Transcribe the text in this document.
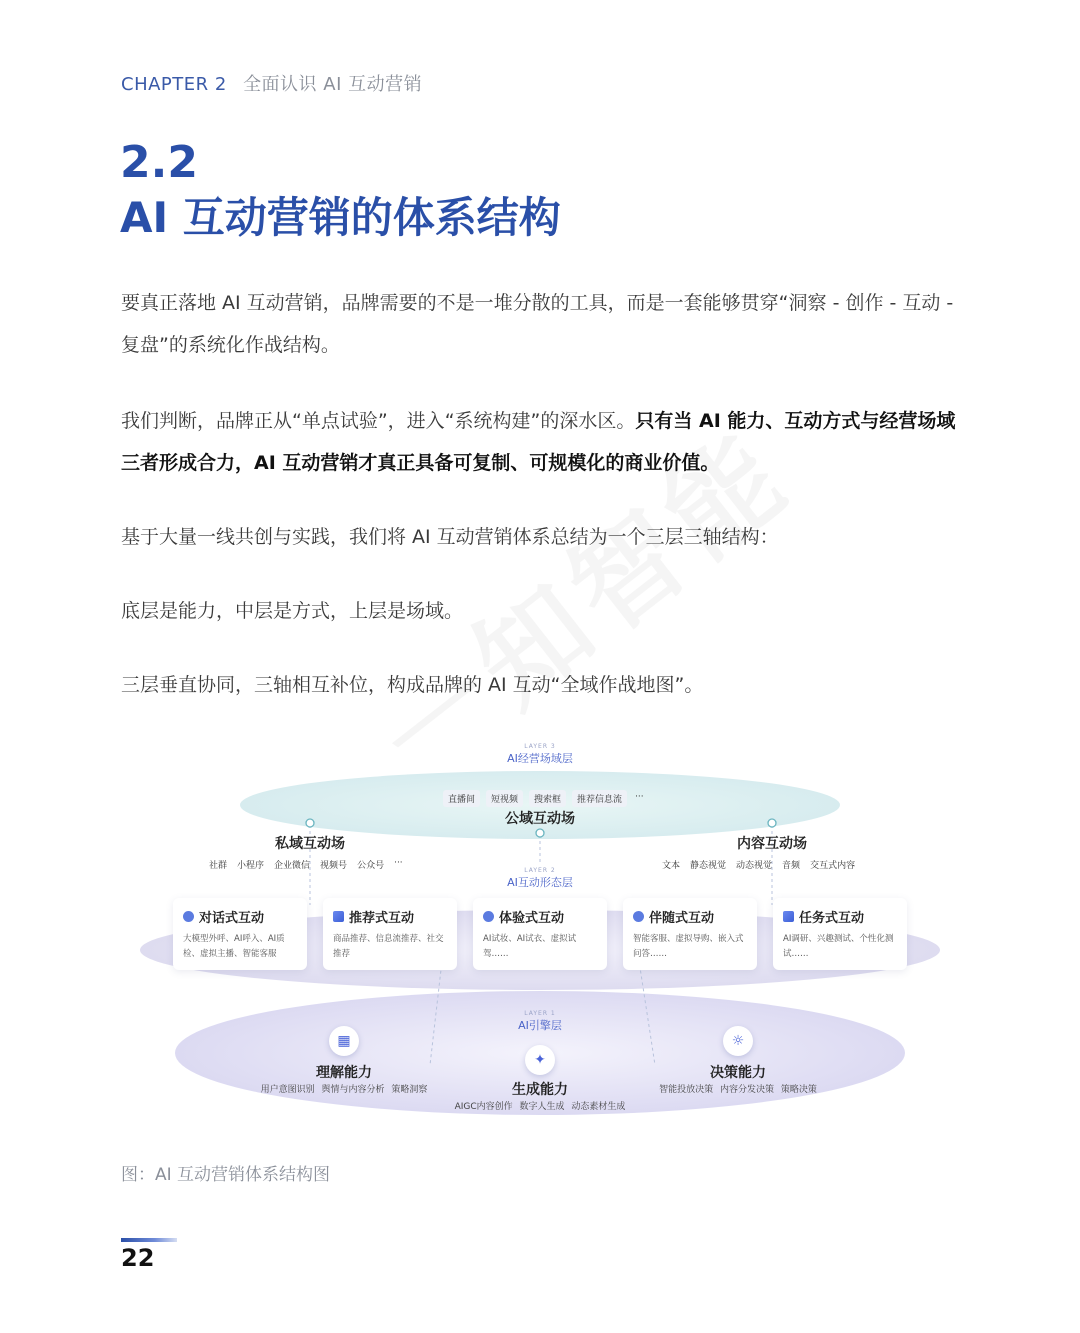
CHAPTER 2 全面认识 AI 互动营销
2.2
AI 互动营销的体系结构
要真正落地 AI 互动营销，品牌需要的不是一堆分散的工具，而是一套能够贯穿“洞察 - 创作 - 互动 - 复盘”的系统化作战结构。
我们判断，品牌正从“单点试验”，进入“系统构建”的深水区。只有当 AI 能力、互动方式与经营场域三者形成合力，AI 互动营销才真正具备可复制、可规模化的商业价值。
基于大量一线共创与实践，我们将 AI 互动营销体系总结为一个三层三轴结构：
底层是能力，中层是方式，上层是场域。
三层垂直协同，三轴相互补位，构成品牌的 AI 互动“全域作战地图”。
LAYER 3
AI经营场域层
直播间	短视频	搜索框	推荐信息流	···
公域互动场
私域互动场
社群 小程序 企业微信 视频号 公众号 ···
内容互动场
文本 静态视觉 动态视觉 音频 交互式内容
LAYER 2
AI互动形态层
对话式互动
大模型外呼、AI呼入、AI质检、虚拟主播、智能客服
推荐式互动
商品推荐、信息流推荐、社交推荐
体验式互动
AI试妆、AI试衣、虚拟试驾……
伴随式互动
智能客服、虚拟导购、嵌入式问答……
任务式互动
AI调研、兴趣测试、个性化测试……
LAYER 1
AI引擎层
▦
理解能力
用户意图识别 舆情与内容分析 策略洞察
✦
生成能力
AIGC内容创作 数字人生成 动态素材生成
☼
决策能力
智能投放决策 内容分发决策 策略决策
图：AI 互动营销体系结构图
22
